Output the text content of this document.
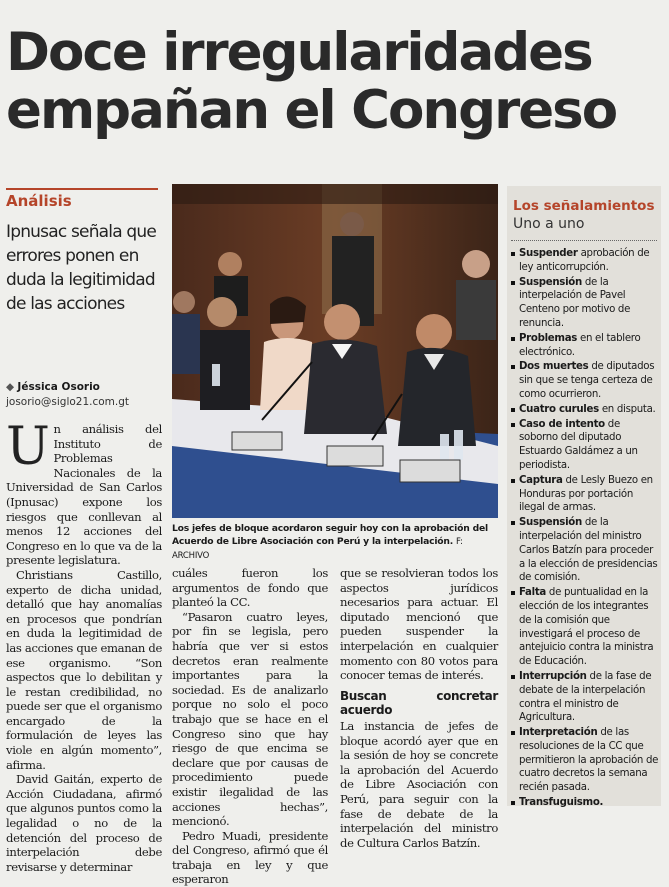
Doce irregularidades
empañan el Congreso
Análisis
Ipnusac señala que errores ponen en duda la legitimidad de las acciones
◆ Jéssica Osorio
josorio@siglo21.com.gt

Un análisis del Instituto de Problemas Nacionales de la Universidad de San Carlos (Ipnusac) expone los riesgos que conllevan al menos 12 acciones del Congreso en lo que va de la presente legislatura.

Christians Castillo, experto de dicha unidad, detalló que hay anomalías en procesos que pondrían en duda la legitimidad de las acciones que emanan de ese organismo. “Son aspectos que lo debilitan y le restan credibilidad, no puede ser que el organismo encargado de la formulación de leyes las viole en algún momento”, afirma.

David Gaitán, experto de Acción Ciudadana, afirmó que algunos puntos como la legalidad o no de la detención del proceso de interpelación debe revisarse y determinar

Los jefes de bloque acordaron seguir hoy con la aprobación del Acuerdo de Libre Asociación con Perú y la interpelación. F: ARCHIVO

cuáles fueron los argumentos de fondo que planteó la CC.

“Pasaron cuatro leyes, por fin se legisla, pero habría que ver si estos decretos eran realmente importantes para la sociedad. Es de analizarlo porque no solo el poco trabajo que se hace en el Congreso sino que hay riesgo de que encima se declare que por causas de procedimiento puede existir ilegalidad de las acciones hechas”, mencionó.

Pedro Muadi, presidente del Congreso, afirmó que él trabaja en ley y que esperaron

que se resolvieran todos los aspectos jurídicos necesarios para actuar. El diputado mencionó que pueden suspender la interpelación en cualquier momento con 80 votos para conocer temas de interés.

Buscan concretar acuerdo

La instancia de jefes de bloque acordó ayer que en la sesión de hoy se concrete la aprobación del Acuerdo de Libre Asociación con Perú, para seguir con la fase de debate de la interpelación del ministro de Cultura Carlos Batzín.

Los señalamientos
Uno a uno
Suspender aprobación de ley anticorrupción.
Suspensión de la interpelación de Pavel Centeno por motivo de renuncia.
Problemas en el tablero electrónico.
Dos muertes de diputados sin que se tenga certeza de como ocurrieron.
Cuatro curules en disputa.
Caso de intento de soborno del diputado Estuardo Galdámez a un periodista.
Captura de Lesly Buezo en Honduras por portación ilegal de armas.
Suspensión de la interpelación del ministro Carlos Batzín para proceder a la elección de presidencias de comisión.
Falta de puntualidad en la elección de los integrantes de la comisión que investigará el proceso de antejuicio contra la ministra de Educación.
Interrupción de la fase de debate de la interpelación contra el ministro de Agricultura.
Interpretación de las resoluciones de la CC que permitieron la aprobación de cuatro decretos la semana recién pasada.
Transfuguismo.
